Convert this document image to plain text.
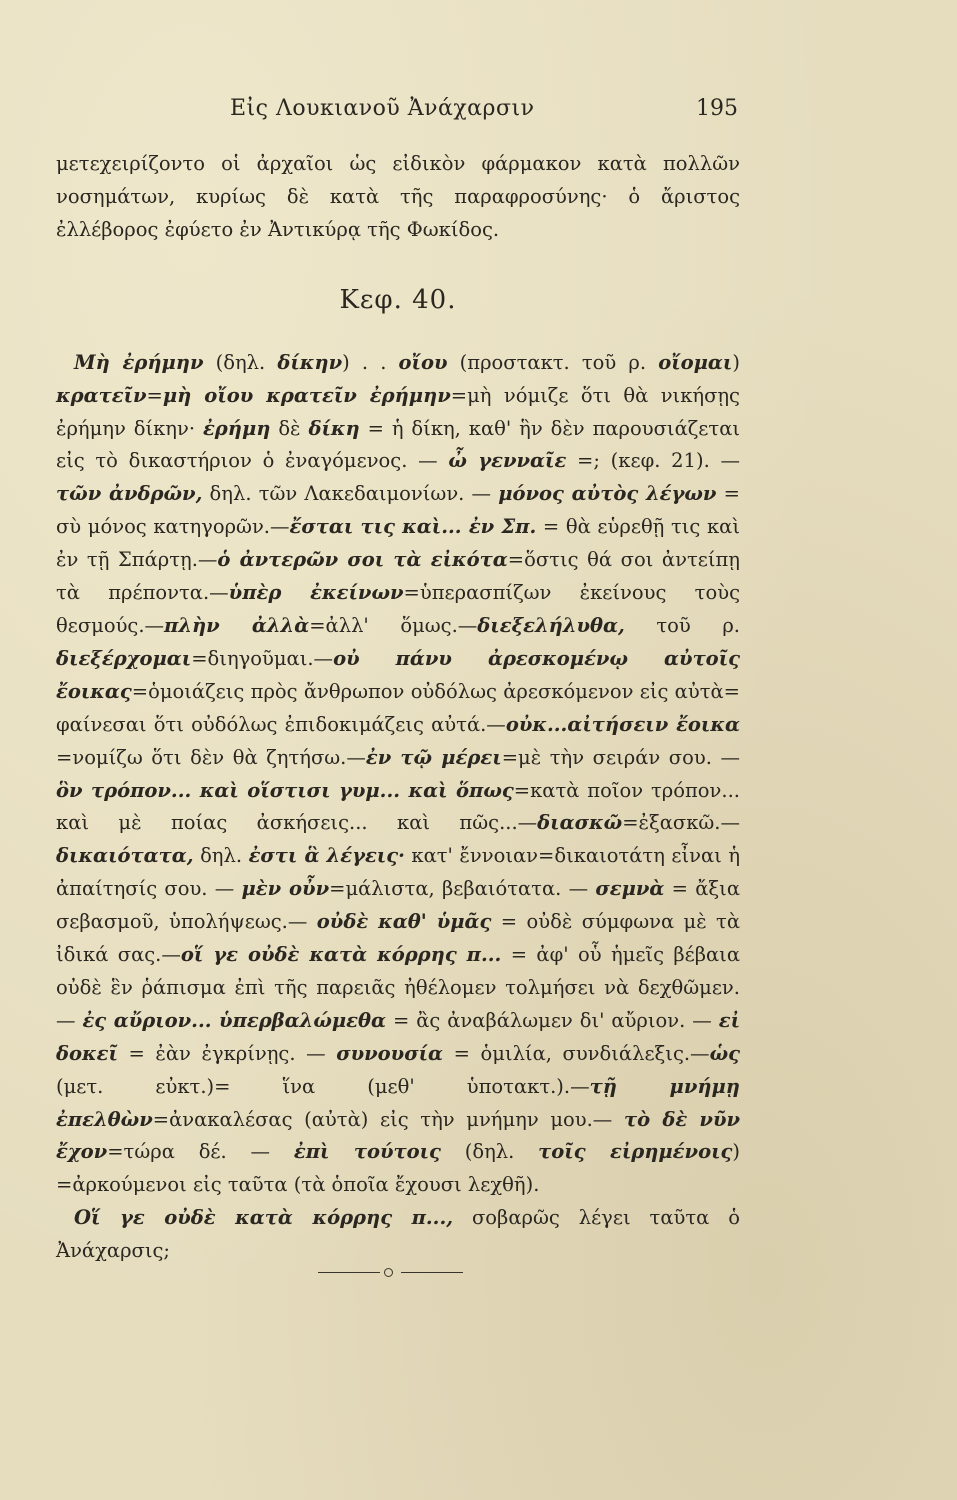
Εἰς Λουκιανοῦ Ἀνάχαρσιν	195

μετεχειρίζοντο οἱ ἀρχαῖοι ὡς εἰδικὸν φάρμακον κατὰ πολλῶν νοσημάτων, κυρίως δὲ κατὰ τῆς παραφροσύνης· ὁ ἄριστος ἐλλέβορος ἐφύετο ἐν Ἀντικύρᾳ τῆς Φωκίδος.

Κεφ. 40.

Μὴ ἐρήμην (δηλ. δίκην) . . οἴου (προστακτ. τοῦ ρ. οἴομαι) κρατεῖν=μὴ οἴου κρατεῖν ἐρήμην=μὴ νόμιζε ὅτι θὰ νικήσῃς ἐρήμην δίκην· ἐρήμη δὲ δίκη = ἡ δίκη, καθ' ἣν δὲν παρουσιάζεται εἰς τὸ δικαστήριον ὁ ἐναγόμενος. — ὦ γενναῖε =; (κεφ. 21). — τῶν ἀνδρῶν, δηλ. τῶν Λακεδαιμονίων. — μόνος αὐτὸς λέγων = σὺ μόνος κατηγορῶν.—ἔσται τις καὶ... ἐν Σπ. = θὰ εὑρεθῇ τις καὶ ἐν τῇ Σπάρτῃ.—ὁ ἀντερῶν σοι τὰ εἰκότα=ὅστις θά σοι ἀντείπῃ τὰ πρέποντα.—ὑπὲρ ἐκείνων=ὑπερασπίζων ἐκείνους τοὺς θεσμούς.—πλὴν ἀλλὰ=ἀλλ' ὅμως.—διεξελήλυθα, τοῦ ρ. διεξέρχομαι=διηγοῦμαι.—οὐ πάνυ ἀρεσκομένῳ αὐτοῖς ἔοικας=ὁμοιάζεις πρὸς ἄνθρωπον οὐδόλως ἀρεσκόμενον εἰς αὐτὰ= φαίνεσαι ὅτι οὐδόλως ἐπιδοκιμάζεις αὐτά.—οὐκ...αἰτήσειν ἔοικα =νομίζω ὅτι δὲν θὰ ζητήσω.—ἐν τῷ μέρει=μὲ τὴν σειράν σου. —ὃν τρόπον... καὶ οἵστισι γυμ... καὶ ὅπως=κατὰ ποῖον τρόπον... καὶ μὲ ποίας ἀσκήσεις... καὶ πῶς...—διασκῶ=ἐξασκῶ.— δικαιότατα, δηλ. ἐστι ἃ λέγεις· κατ' ἔννοιαν=δικαιοτάτη εἶναι ἡ ἀπαίτησίς σου. — μὲν οὖν=μάλιστα, βεβαιότατα. — σεμνὰ = ἄξια σεβασμοῦ, ὑπολήψεως.— οὐδὲ καθ' ὑμᾶς = οὐδὲ σύμφωνα μὲ τὰ ἰδικά σας.—οἵ γε οὐδὲ κατὰ κόρρης π... = ἀφ' οὗ ἡμεῖς βέβαια οὐδὲ ἓν ῥάπισμα ἐπὶ τῆς παρειᾶς ἠθέλομεν τολμήσει νὰ δεχθῶμεν. — ἐς αὔριον... ὑπερβαλώμεθα = ἂς ἀναβάλωμεν δι' αὔριον. — εἰ δοκεῖ = ἐὰν ἐγκρίνῃς. — συνουσία = ὁμιλία, συνδιάλεξις.—ὡς (μετ. εὐκτ.)= ἵνα (μεθ' ὑποτακτ.).—τῇ μνήμῃ ἐπελθὼν=ἀνακαλέσας (αὐτὰ) εἰς τὴν μνήμην μου.— τὸ δὲ νῦν ἔχον=τώρα δέ. — ἐπὶ τούτοις (δηλ. τοῖς εἰρημένοις) =ἀρκούμενοι εἰς ταῦτα (τὰ ὁποῖα ἔχουσι λεχθῆ).

Οἵ γε οὐδὲ κατὰ κόρρης π..., σοβαρῶς λέγει ταῦτα ὁ Ἀνάχαρσις;
